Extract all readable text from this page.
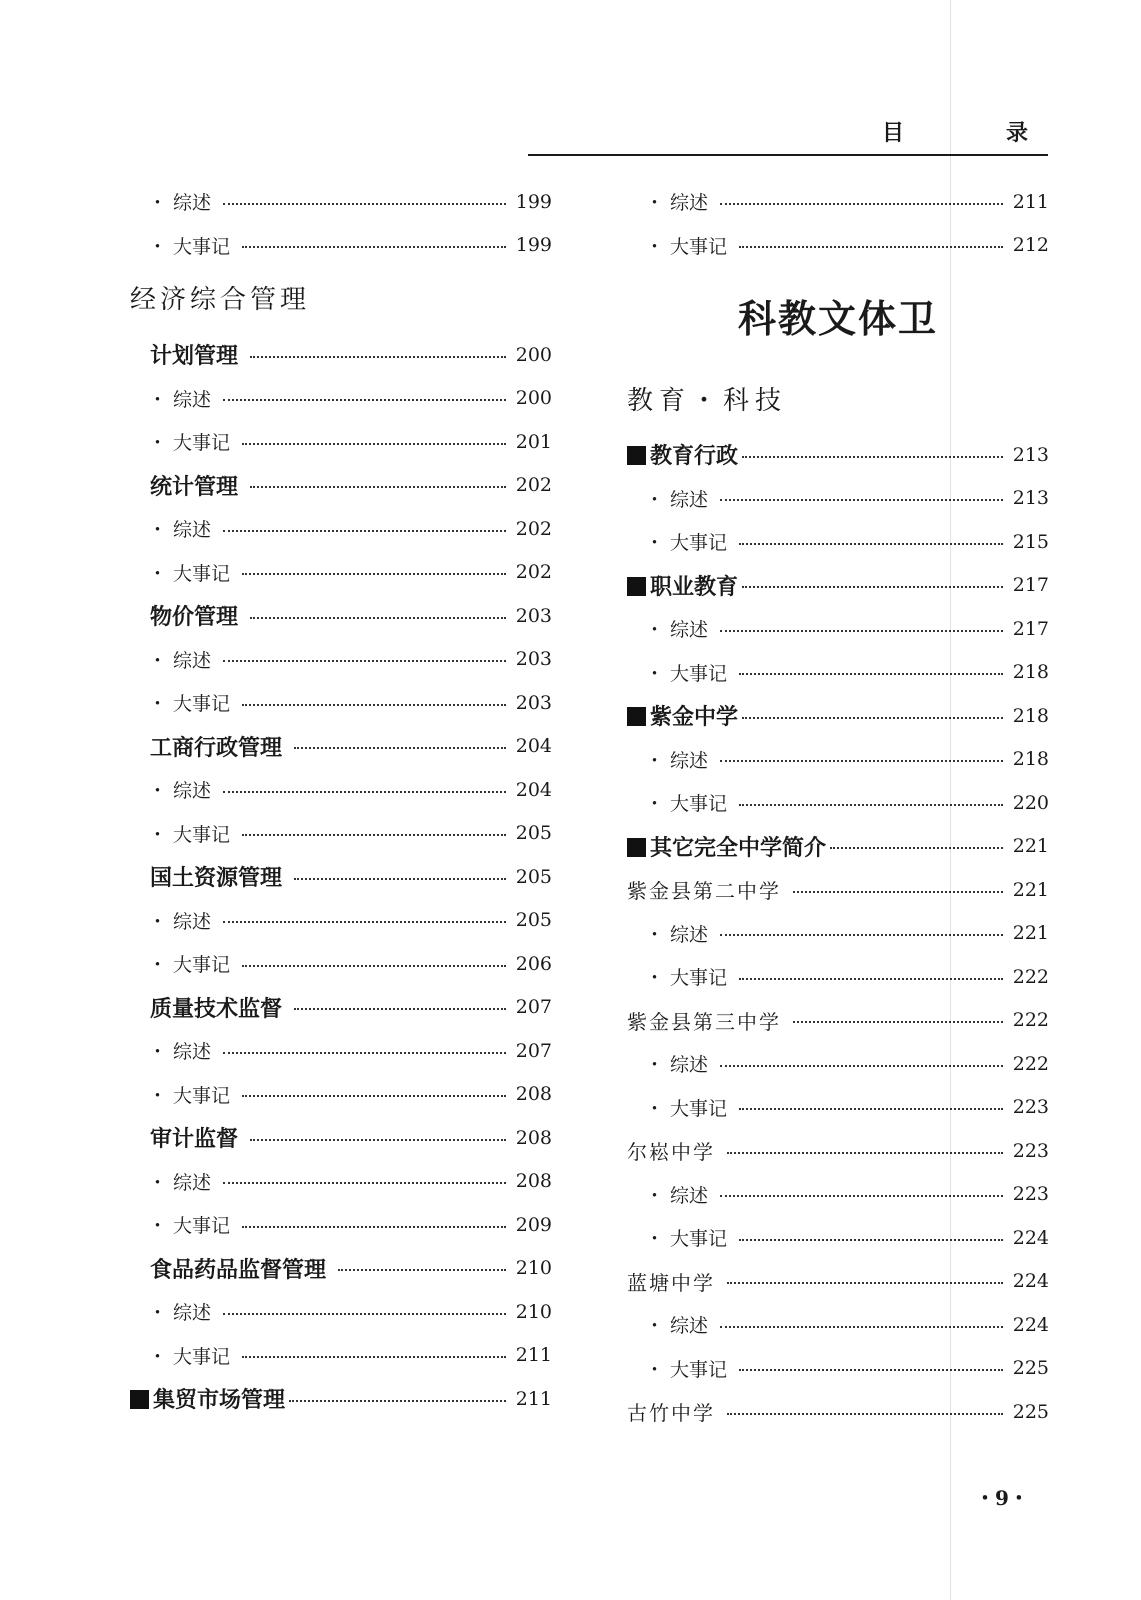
目　录
・ 综述	199
・ 大事记	199
经济综合管理
计划管理	200
・ 综述	200
・ 大事记	201
统计管理	202
・ 综述	202
・ 大事记	202
物价管理	203
・ 综述	203
・ 大事记	203
工商行政管理	204
・ 综述	204
・ 大事记	205
国土资源管理	205
・ 综述	205
・ 大事记	206
质量技术监督	207
・ 综述	207
・ 大事记	208
审计监督	208
・ 综述	208
・ 大事记	209
食品药品监督管理	210
・ 综述	210
・ 大事记	211
集贸市场管理	211
・ 综述	211
・ 大事记	212
科教文体卫
教育・科技
教育行政	213
・ 综述	213
・ 大事记	215
职业教育	217
・ 综述	217
・ 大事记	218
紫金中学	218
・ 综述	218
・ 大事记	220
其它完全中学简介	221
紫金县第二中学	221
・ 综述	221
・ 大事记	222
紫金县第三中学	222
・ 综述	222
・ 大事记	223
尔崧中学	223
・ 综述	223
・ 大事记	224
蓝塘中学	224
・ 综述	224
・ 大事记	225
古竹中学	225
・9・
